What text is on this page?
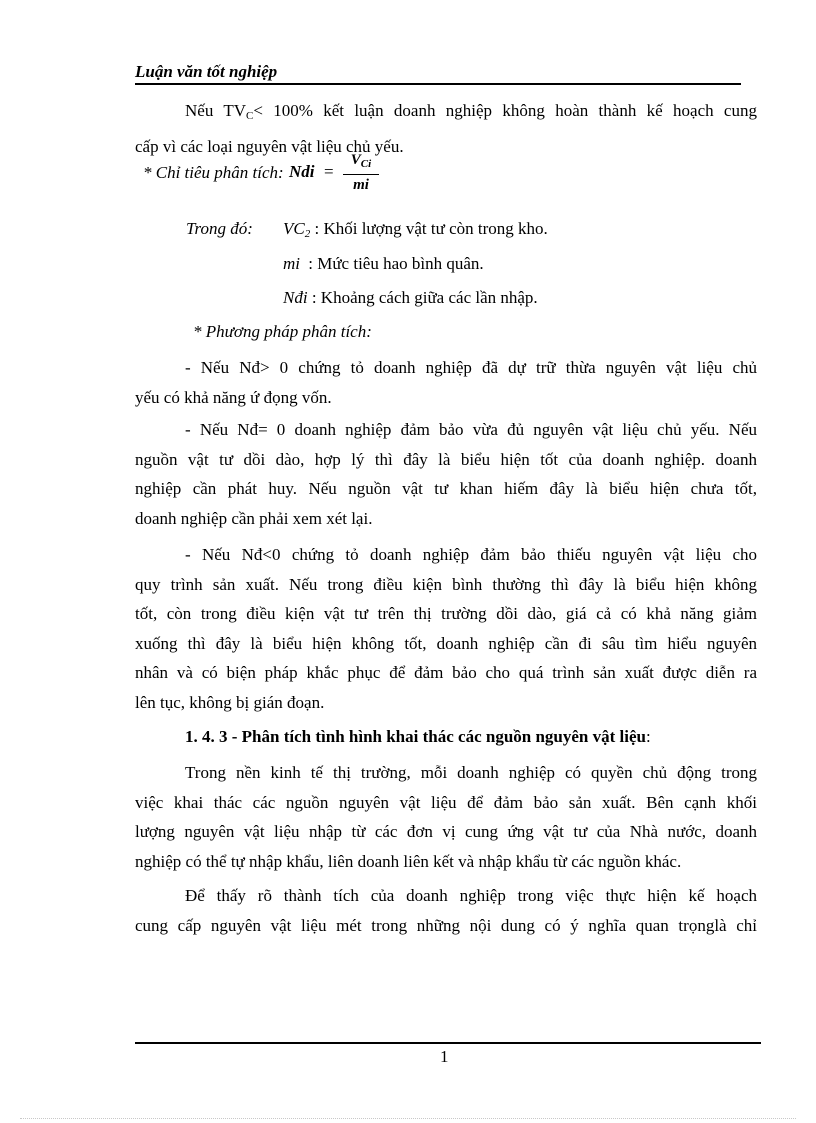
Luận văn tốt nghiệp
Nếu $TV_C< 100\%$ kết luận doanh nghiệp không hoàn thành kế hoạch cung
cấp vì các loại nguyên vật liệu chủ yếu.
* Chỉ tiêu phân tích: Ndi =
$V_{Ci}$
mi
Trong đó: $VC_2$ : Khối lượng vật tư còn trong kho.
mi : Mức tiêu hao bình quân.
Nđi : Khoảng cách giữa các lần nhập.
* Phương pháp phân tích:
- Nếu Nđ> 0 chứng tỏ doanh nghiệp đã dự trữ thừa nguyên vật liệu chủ
yếu có khả năng ứ đọng vốn.
- Nếu Nđ= 0 doanh nghiệp đảm bảo vừa đủ nguyên vật liệu chủ yếu. Nếu
nguồn vật tư dồi dào, hợp lý thì đây là biểu hiện tốt của doanh nghiệp. doanh
nghiệp cần phát huy. Nếu nguồn vật tư khan hiếm đây là biểu hiện chưa tốt,
doanh nghiệp cần phải xem xét lại.
- Nếu Nđ<0 chứng tỏ doanh nghiệp đảm bảo thiếu nguyên vật liệu cho
quy trình sản xuất. Nếu trong điều kiện bình thường thì đây là biểu hiện không
tốt, còn trong điều kiện vật tư trên thị trường dồi dào, giá cả có khả năng giảm
xuống thì đây là biểu hiện không tốt, doanh nghiệp cần đi sâu tìm hiểu nguyên
nhân và có biện pháp khắc phục để đảm bảo cho quá trình sản xuất được diễn ra
lên tục, không bị gián đoạn.
1. 4. 3 - Phân tích tình hình khai thác các nguồn nguyên vật liệu:
Trong nền kinh tế thị trường, mỗi doanh nghiệp có quyền chủ động trong
việc khai thác các nguồn nguyên vật liệu để đảm bảo sản xuất. Bên cạnh khối
lượng nguyên vật liệu nhập từ các đơn vị cung ứng vật tư của Nhà nước, doanh
nghiệp có thể tự nhập khẩu, liên doanh liên kết và nhập khẩu từ các nguồn khác.
Để thấy rõ thành tích của doanh nghiệp trong việc thực hiện kế hoạch
cung cấp nguyên vật liệu mét trong những nội dung có ý nghĩa quan trọnglà chỉ
1
